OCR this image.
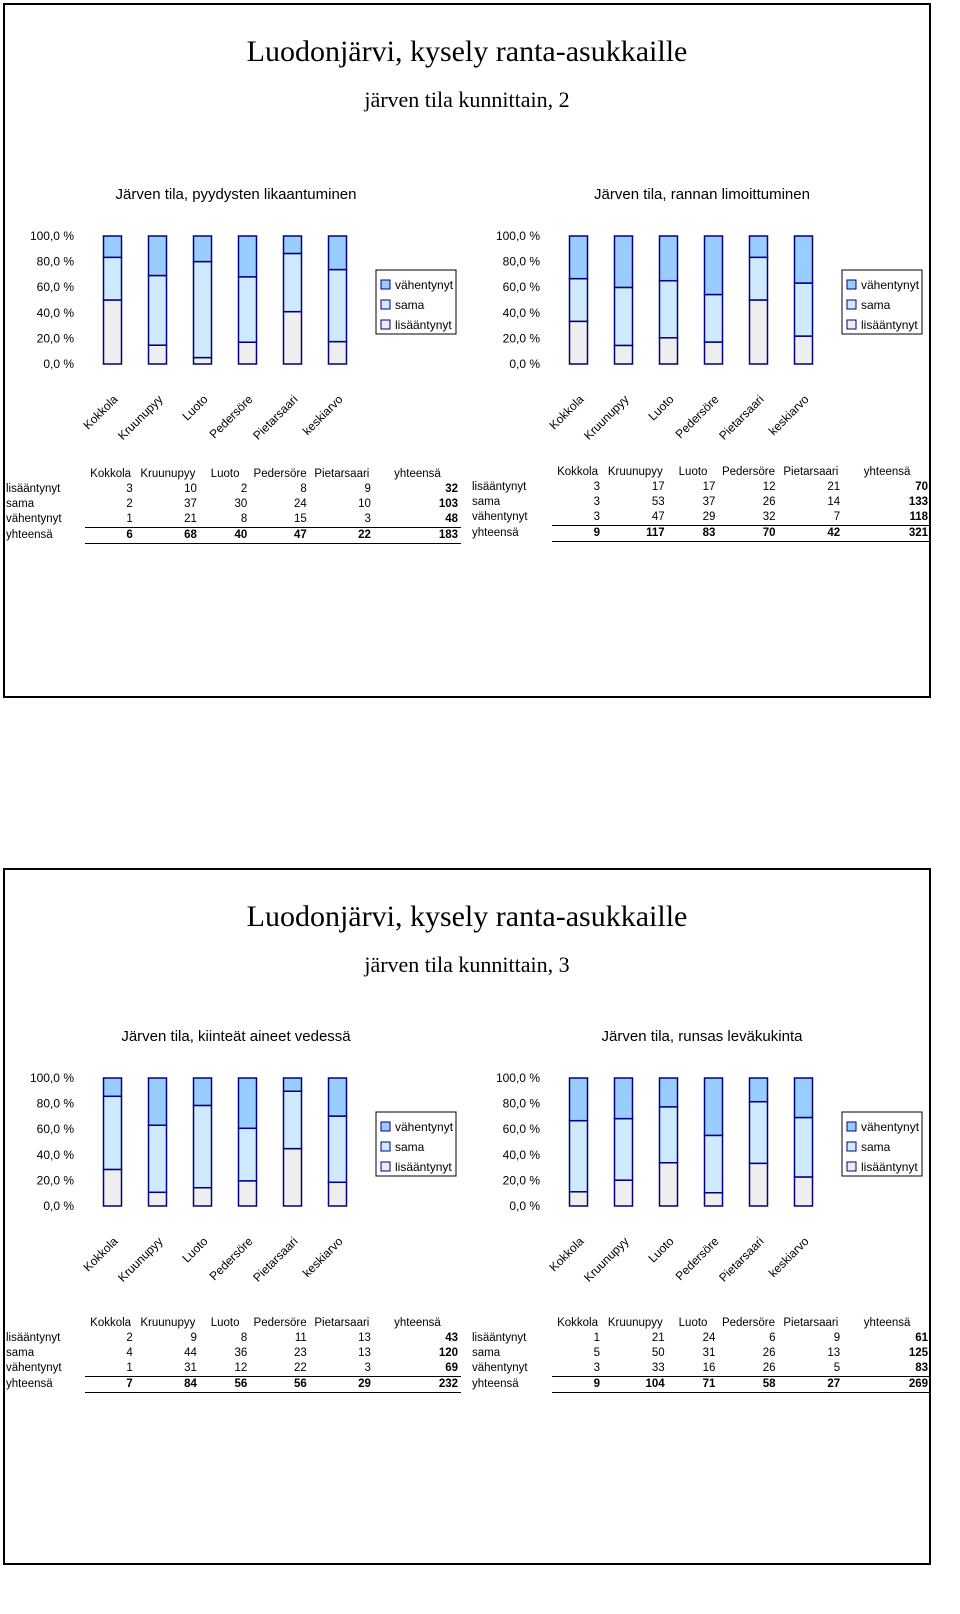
Luodonjärvi, kysely ranta-asukkaille
järven tila kunnittain, 2
Luodonjärvi, kysely ranta-asukkaille
järven tila kunnittain, 3
Järven tila, pyydysten likaantuminen
100,0 %
80,0 %
60,0 %
40,0 %
20,0 %
0,0 %
Kokkola
Kruunupyy Luoto
Pedersöre
Pietarsaari keskiarvo
vähentynyt
sama
lisääntynyt
	Kokkola	Kruunupyy	Luoto	Pedersöre	Pietarsaari	yhteensä
lisääntynyt	3	10	2	8	9	32
sama	2	37	30	24	10	103
vähentynyt	1	21	8	15	3	48
yhteensä	6	68	40	47	22	183
Järven tila, rannan limoittuminen
100,0 %
80,0 %
60,0 %
40,0 %
20,0 %
0,0 %
Kokkola
Kruunupyy Luoto
Pedersöre
Pietarsaari keskiarvo
vähentynyt
sama
lisääntynyt
	Kokkola	Kruunupyy	Luoto	Pedersöre	Pietarsaari	yhteensä
lisääntynyt	3	17	17	12	21	70
sama	3	53	37	26	14	133
vähentynyt	3	47	29	32	7	118
yhteensä	9	117	83	70	42	321
Järven tila, kiinteät aineet vedessä
100,0 %
80,0 %
60,0 %
40,0 %
20,0 %
0,0 %
Kokkola
Kruunupyy Luoto
Pedersöre
Pietarsaari keskiarvo
vähentynyt
sama
lisääntynyt
	Kokkola	Kruunupyy	Luoto	Pedersöre	Pietarsaari	yhteensä
lisääntynyt	2	9	8	11	13	43
sama	4	44	36	23	13	120
vähentynyt	1	31	12	22	3	69
yhteensä	7	84	56	56	29	232
Järven tila, runsas leväkukinta
100,0 %
80,0 %
60,0 %
40,0 %
20,0 %
0,0 %
Kokkola
Kruunupyy Luoto
Pedersöre
Pietarsaari keskiarvo
vähentynyt
sama
lisääntynyt
	Kokkola	Kruunupyy	Luoto	Pedersöre	Pietarsaari	yhteensä
lisääntynyt	1	21	24	6	9	61
sama	5	50	31	26	13	125
vähentynyt	3	33	16	26	5	83
yhteensä	9	104	71	58	27	269
